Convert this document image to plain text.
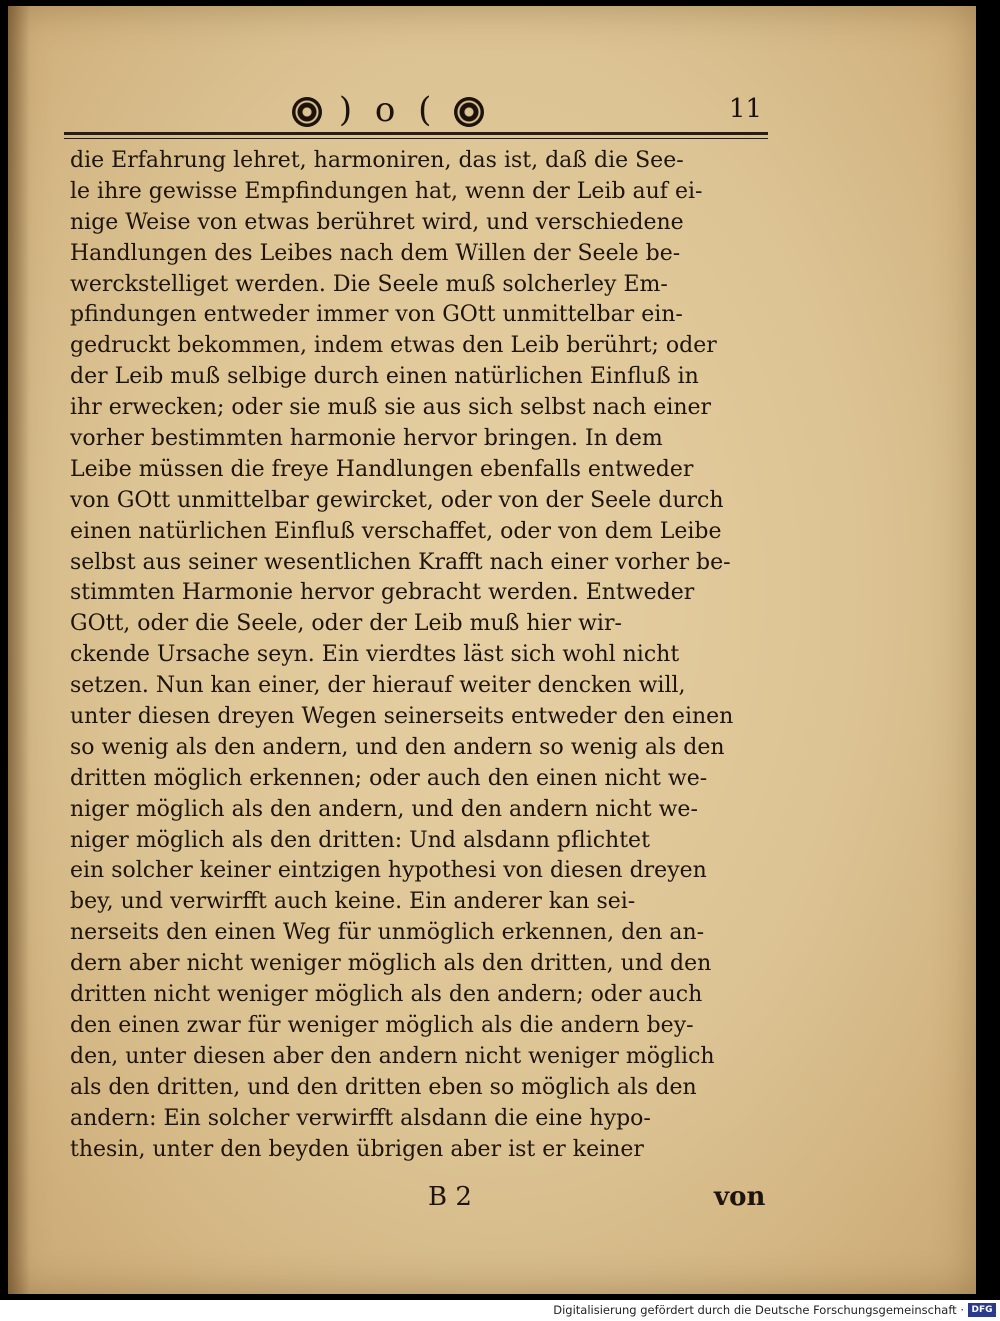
) o (	11
die Erfahrung lehret, harmoniren, das ist, daß die See-
le ihre gewisse Empfindungen hat, wenn der Leib auf ei-
nige Weise von etwas berühret wird, und verschiedene
Handlungen des Leibes nach dem Willen der Seele be-
werckstelliget werden. Die Seele muß solcherley Em-
pfindungen entweder immer von GOtt unmittelbar ein-
gedruckt bekommen, indem etwas den Leib berührt; oder
der Leib muß selbige durch einen natürlichen Einfluß in
ihr erwecken; oder sie muß sie aus sich selbst nach einer
vorher bestimmten harmonie hervor bringen. In dem
Leibe müssen die freye Handlungen ebenfalls entweder
von GOtt unmittelbar gewircket, oder von der Seele durch
einen natürlichen Einfluß verschaffet, oder von dem Leibe
selbst aus seiner wesentlichen Krafft nach einer vorher be-
stimmten Harmonie hervor gebracht werden. Entweder
GOtt, oder die Seele, oder der Leib muß hier wir-
ckende Ursache seyn. Ein vierdtes läst sich wohl nicht
setzen. Nun kan einer, der hierauf weiter dencken will,
unter diesen dreyen Wegen seinerseits entweder den einen
so wenig als den andern, und den andern so wenig als den
dritten möglich erkennen; oder auch den einen nicht we-
niger möglich als den andern, und den andern nicht we-
niger möglich als den dritten: Und alsdann pflichtet
ein solcher keiner eintzigen hypothesi von diesen dreyen
bey, und verwirfft auch keine. Ein anderer kan sei-
nerseits den einen Weg für unmöglich erkennen, den an-
dern aber nicht weniger möglich als den dritten, und den
dritten nicht weniger möglich als den andern; oder auch
den einen zwar für weniger möglich als die andern bey-
den, unter diesen aber den andern nicht weniger möglich
als den dritten, und den dritten eben so möglich als den
andern: Ein solcher verwirfft alsdann die eine hypo-
thesin, unter den beyden übrigen aber ist er keiner
B 2	von
Digitalisierung gefördert durch die Deutsche Forschungsgemeinschaft · DFG
